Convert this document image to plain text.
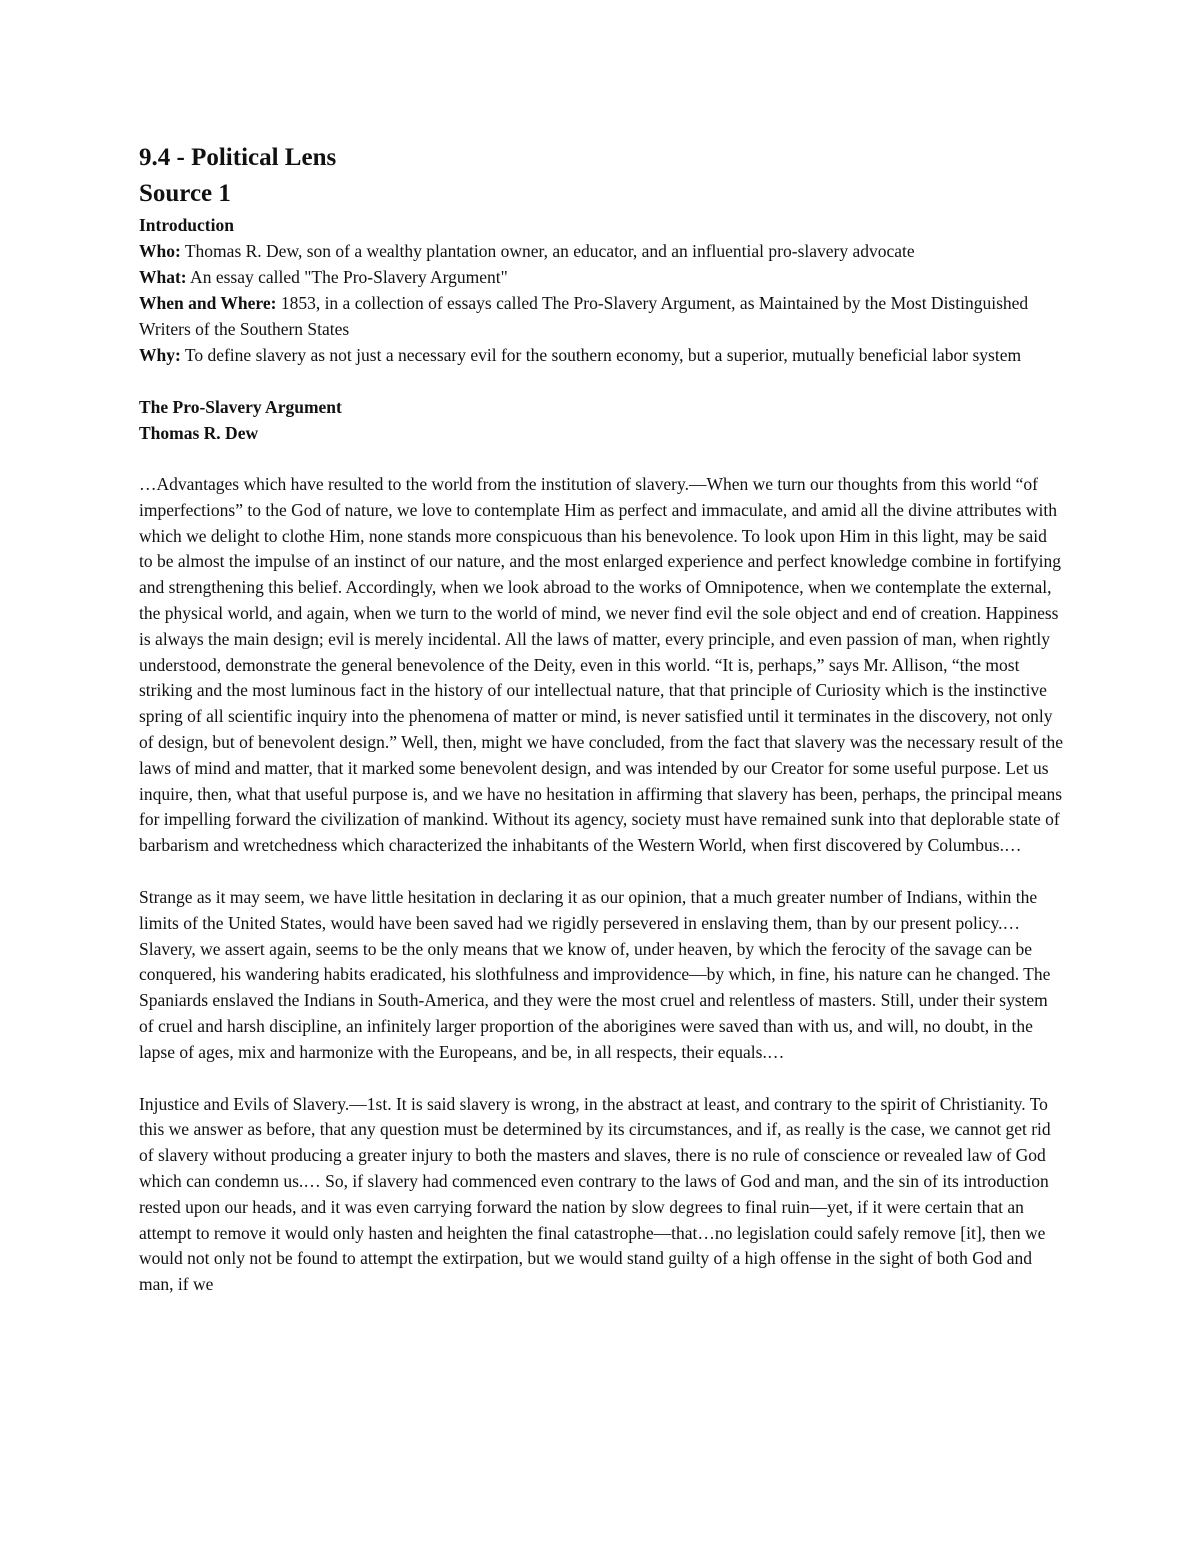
9.4 - Political Lens
Source 1
Introduction
Who: Thomas R. Dew, son of a wealthy plantation owner, an educator, and an influential pro-slavery advocate
What: An essay called "The Pro-Slavery Argument"
When and Where: 1853, in a collection of essays called The Pro-Slavery Argument, as Maintained by the Most Distinguished Writers of the Southern States
Why: To define slavery as not just a necessary evil for the southern economy, but a superior, mutually beneficial labor system
The Pro-Slavery Argument
Thomas R. Dew

…Advantages which have resulted to the world from the institution of slavery.—When we turn our thoughts from this world “of imperfections” to the God of nature, we love to contemplate Him as perfect and immaculate, and amid all the divine attributes with which we delight to clothe Him, none stands more conspicuous than his benevolence. To look upon Him in this light, may be said to be almost the impulse of an instinct of our nature, and the most enlarged experience and perfect knowledge combine in fortifying and strengthening this belief. Accordingly, when we look abroad to the works of Omnipotence, when we contemplate the external, the physical world, and again, when we turn to the world of mind, we never find evil the sole object and end of creation. Happiness is always the main design; evil is merely incidental. All the laws of matter, every principle, and even passion of man, when rightly understood, demonstrate the general benevolence of the Deity, even in this world. “It is, perhaps,” says Mr. Allison, “the most striking and the most luminous fact in the history of our intellectual nature, that that principle of Curiosity which is the instinctive spring of all scientific inquiry into the phenomena of matter or mind, is never satisfied until it terminates in the discovery, not only of design, but of benevolent design.” Well, then, might we have concluded, from the fact that slavery was the necessary result of the laws of mind and matter, that it marked some benevolent design, and was intended by our Creator for some useful purpose. Let us inquire, then, what that useful purpose is, and we have no hesitation in affirming that slavery has been, perhaps, the principal means for impelling forward the civilization of mankind. Without its agency, society must have remained sunk into that deplorable state of barbarism and wretchedness which characterized the inhabitants of the Western World, when first discovered by Columbus.…

Strange as it may seem, we have little hesitation in declaring it as our opinion, that a much greater number of Indians, within the limits of the United States, would have been saved had we rigidly persevered in enslaving them, than by our present policy.… Slavery, we assert again, seems to be the only means that we know of, under heaven, by which the ferocity of the savage can be conquered, his wandering habits eradicated, his slothfulness and improvidence—by which, in fine, his nature can he changed. The Spaniards enslaved the Indians in South-America, and they were the most cruel and relentless of masters. Still, under their system of cruel and harsh discipline, an infinitely larger proportion of the aborigines were saved than with us, and will, no doubt, in the lapse of ages, mix and harmonize with the Europeans, and be, in all respects, their equals.…

Injustice and Evils of Slavery.—1st. It is said slavery is wrong, in the abstract at least, and contrary to the spirit of Christianity. To this we answer as before, that any question must be determined by its circumstances, and if, as really is the case, we cannot get rid of slavery without producing a greater injury to both the masters and slaves, there is no rule of conscience or revealed law of God which can condemn us.… So, if slavery had commenced even contrary to the laws of God and man, and the sin of its introduction rested upon our heads, and it was even carrying forward the nation by slow degrees to final ruin—yet, if it were certain that an attempt to remove it would only hasten and heighten the final catastrophe—that…no legislation could safely remove [it], then we would not only not be found to attempt the extirpation, but we would stand guilty of a high offense in the sight of both God and man, if we
